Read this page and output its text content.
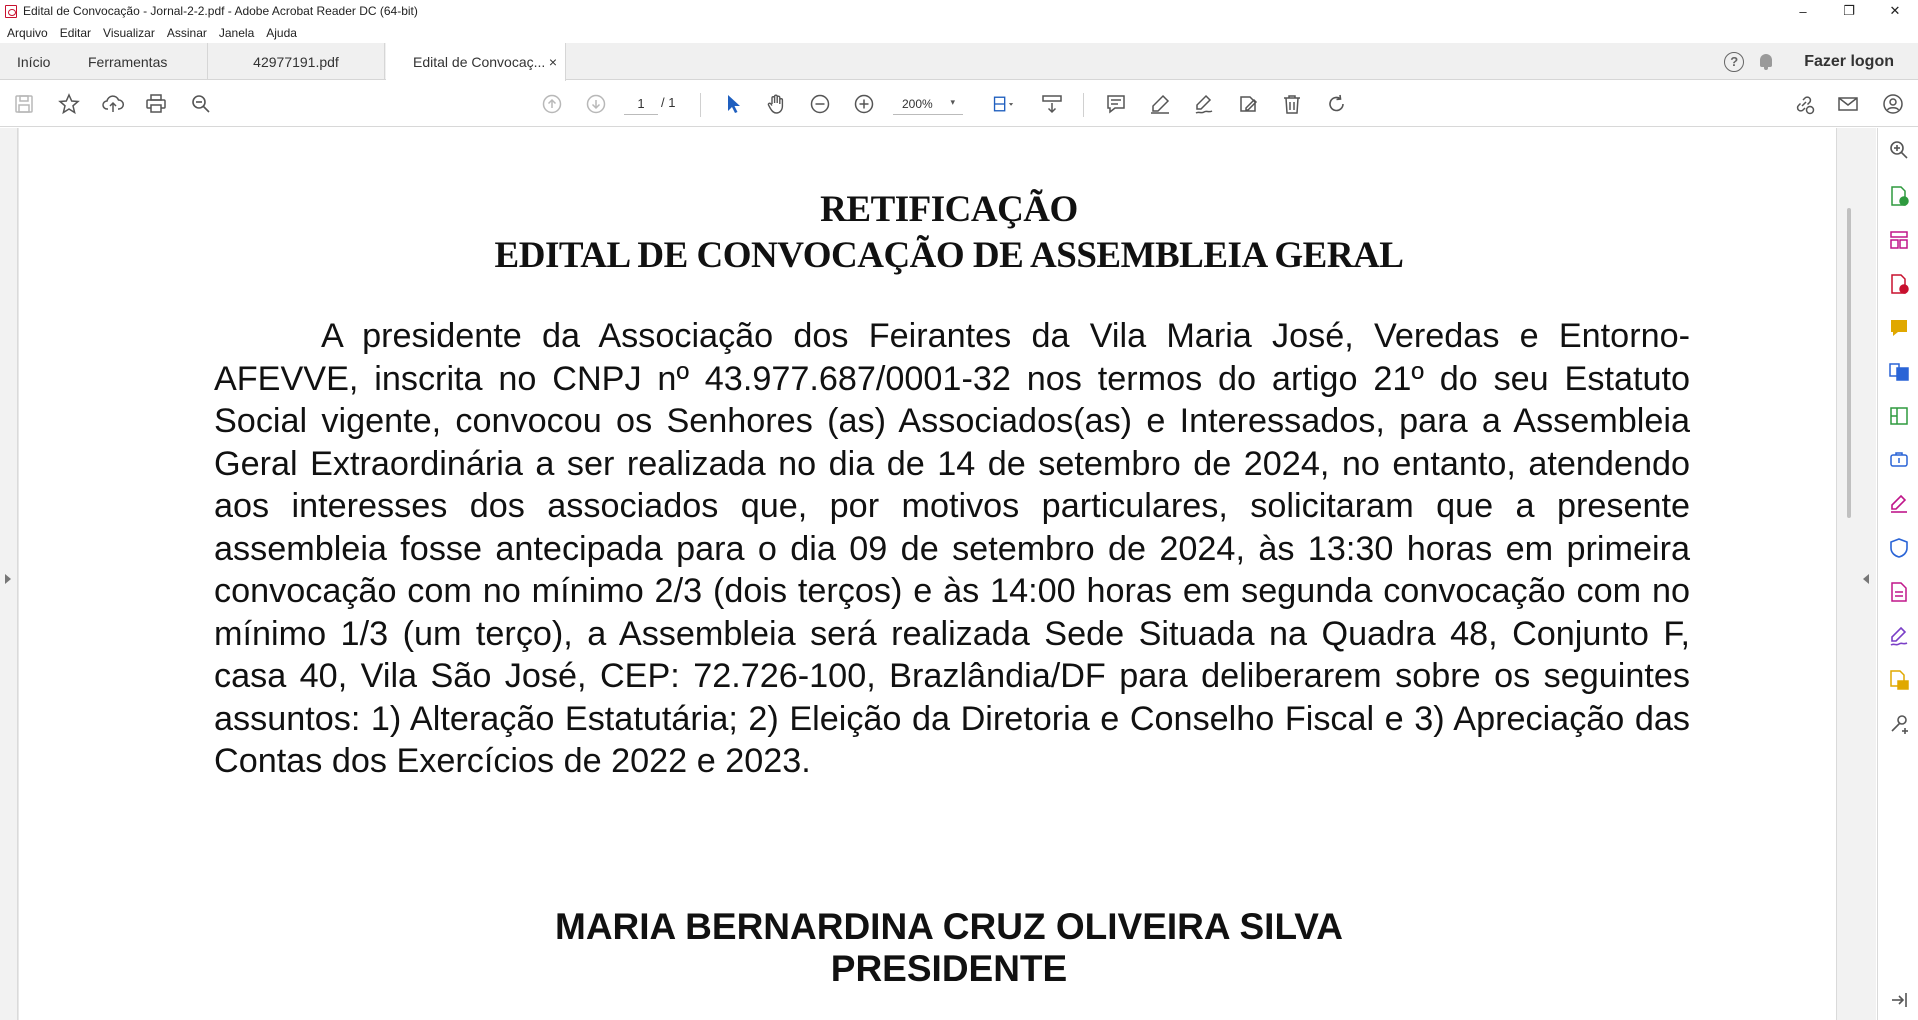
Edital de Convocação - Jornal-2-2.pdf - Adobe Acrobat Reader DC (64-bit)	–	❐	✕
Arquivo Editar Visualizar Assinar Janela Ajuda
Início	Ferramentas	42977191.pdf	Edital de Convocaç... ×	?	Fazer logon
1	/ 1	200% ▾
RETIFICAÇÃO
EDITAL DE CONVOCAÇÃO DE ASSEMBLEIA GERAL

A presidente da Associação dos Feirantes da Vila Maria José, Veredas e Entorno-AFEVVE, inscrita no CNPJ nº 43.977.687/0001-32 nos termos do artigo 21º do seu Estatuto Social vigente, convocou os Senhores (as) Associados(as) e Interessados, para a Assembleia Geral Extraordinária a ser realizada no dia de 14 de setembro de 2024, no entanto, atendendo aos interesses dos associados que, por motivos particulares, solicitaram que a presente assembleia fosse antecipada para o dia 09 de setembro de 2024, às 13:30 horas em primeira convocação com no mínimo 2/3 (dois terços) e às 14:00 horas em segunda convocação com no mínimo 1/3 (um terço), a Assembleia será realizada Sede Situada na Quadra 48, Conjunto F, casa 40, Vila São José, CEP: 72.726-100, Brazlândia/DF para deliberarem sobre os seguintes assuntos: 1) Alteração Estatutária; 2) Eleição da Diretoria e Conselho Fiscal e 3) Apreciação das Contas dos Exercícios de 2022 e 2023.

MARIA BERNARDINA CRUZ OLIVEIRA SILVA
PRESIDENTE
